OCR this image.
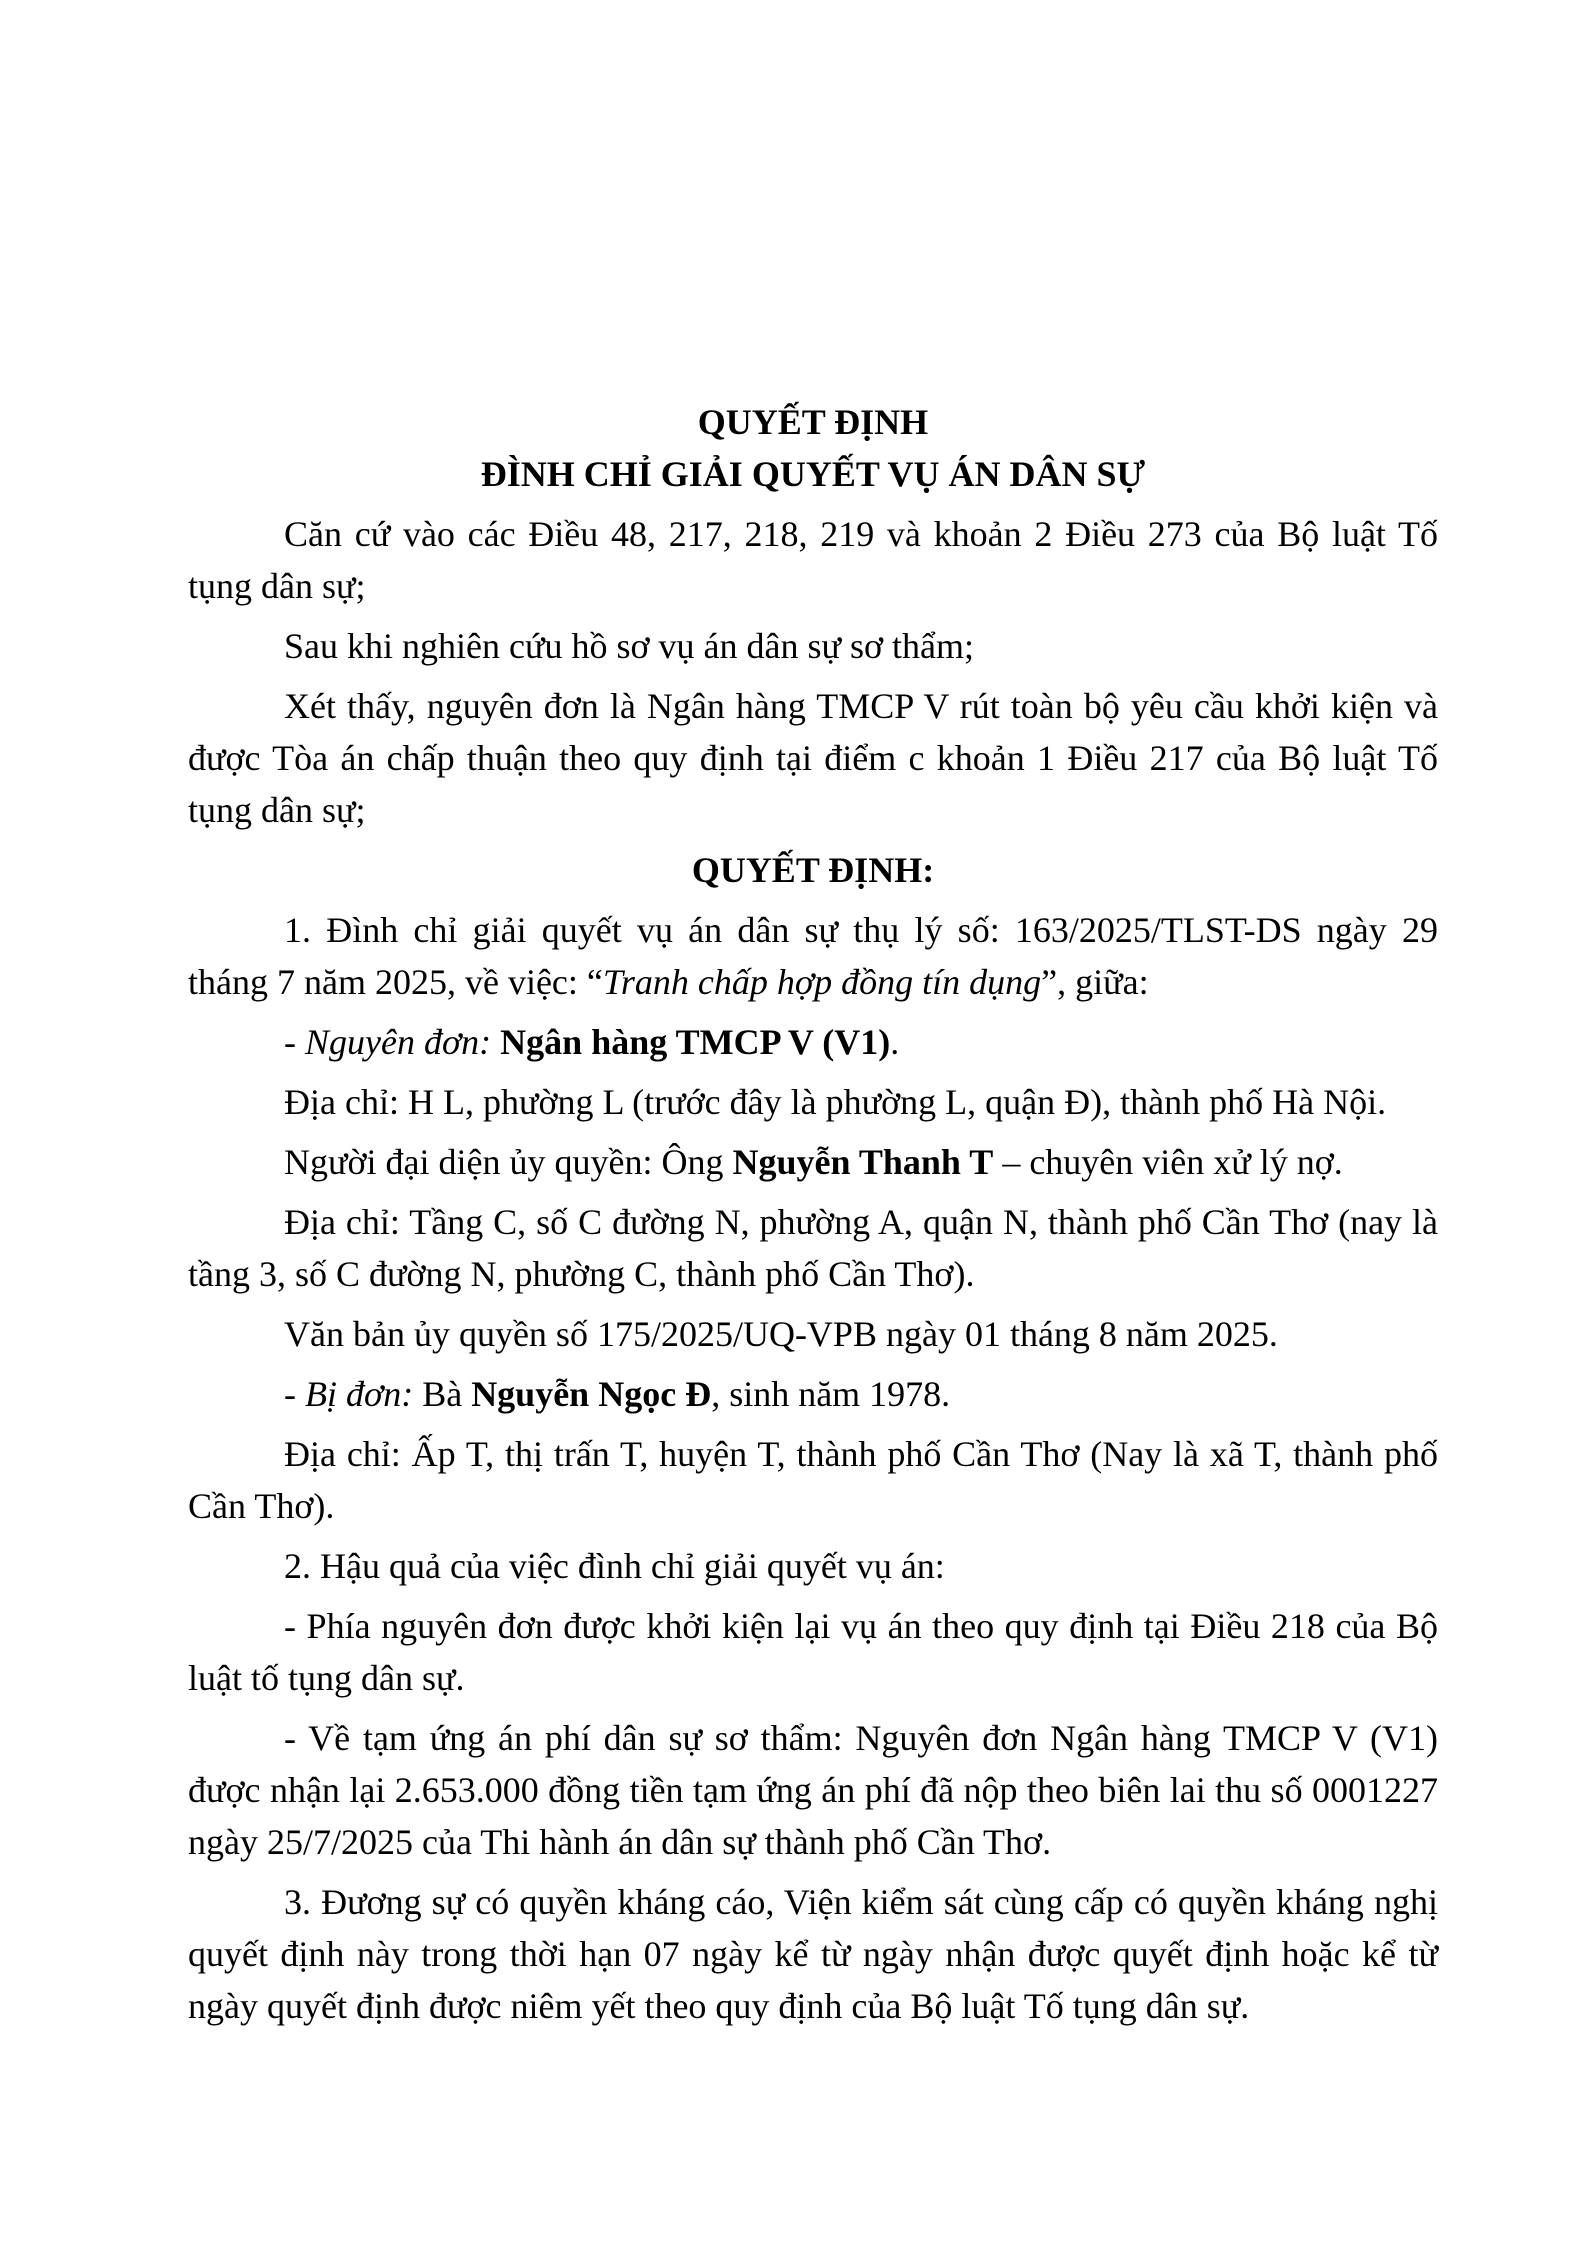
QUYẾT ĐỊNH
ĐÌNH CHỈ GIẢI QUYẾT VỤ ÁN DÂN SỰ

Căn cứ vào các Điều 48, 217, 218, 219 và khoản 2 Điều 273 của Bộ luật Tố tụng dân sự;

Sau khi nghiên cứu hồ sơ vụ án dân sự sơ thẩm;

Xét thấy, nguyên đơn là Ngân hàng TMCP V rút toàn bộ yêu cầu khởi kiện và được Tòa án chấp thuận theo quy định tại điểm c khoản 1 Điều 217 của Bộ luật Tố tụng dân sự;

QUYẾT ĐỊNH:

1. Đình chỉ giải quyết vụ án dân sự thụ lý số: 163/2025/TLST-DS ngày 29 tháng 7 năm 2025, về việc: “Tranh chấp hợp đồng tín dụng”, giữa:

- Nguyên đơn: Ngân hàng TMCP V (V1).

Địa chỉ: H L, phường L (trước đây là phường L, quận Đ), thành phố Hà Nội.

Người đại diện ủy quyền: Ông Nguyễn Thanh T – chuyên viên xử lý nợ.

Địa chỉ: Tầng C, số C đường N, phường A, quận N, thành phố Cần Thơ (nay là tầng 3, số C đường N, phường C, thành phố Cần Thơ).

Văn bản ủy quyền số 175/2025/UQ-VPB ngày 01 tháng 8 năm 2025.

- Bị đơn: Bà Nguyễn Ngọc Đ, sinh năm 1978.

Địa chỉ: Ấp T, thị trấn T, huyện T, thành phố Cần Thơ (Nay là xã T, thành phố Cần Thơ).

2. Hậu quả của việc đình chỉ giải quyết vụ án:

- Phía nguyên đơn được khởi kiện lại vụ án theo quy định tại Điều 218 của Bộ luật tố tụng dân sự.

- Về tạm ứng án phí dân sự sơ thẩm: Nguyên đơn Ngân hàng TMCP V (V1) được nhận lại 2.653.000 đồng tiền tạm ứng án phí đã nộp theo biên lai thu số 0001227 ngày 25/7/2025 của Thi hành án dân sự thành phố Cần Thơ.

3. Đương sự có quyền kháng cáo, Viện kiểm sát cùng cấp có quyền kháng nghị quyết định này trong thời hạn 07 ngày kể từ ngày nhận được quyết định hoặc kể từ ngày quyết định được niêm yết theo quy định của Bộ luật Tố tụng dân sự.
